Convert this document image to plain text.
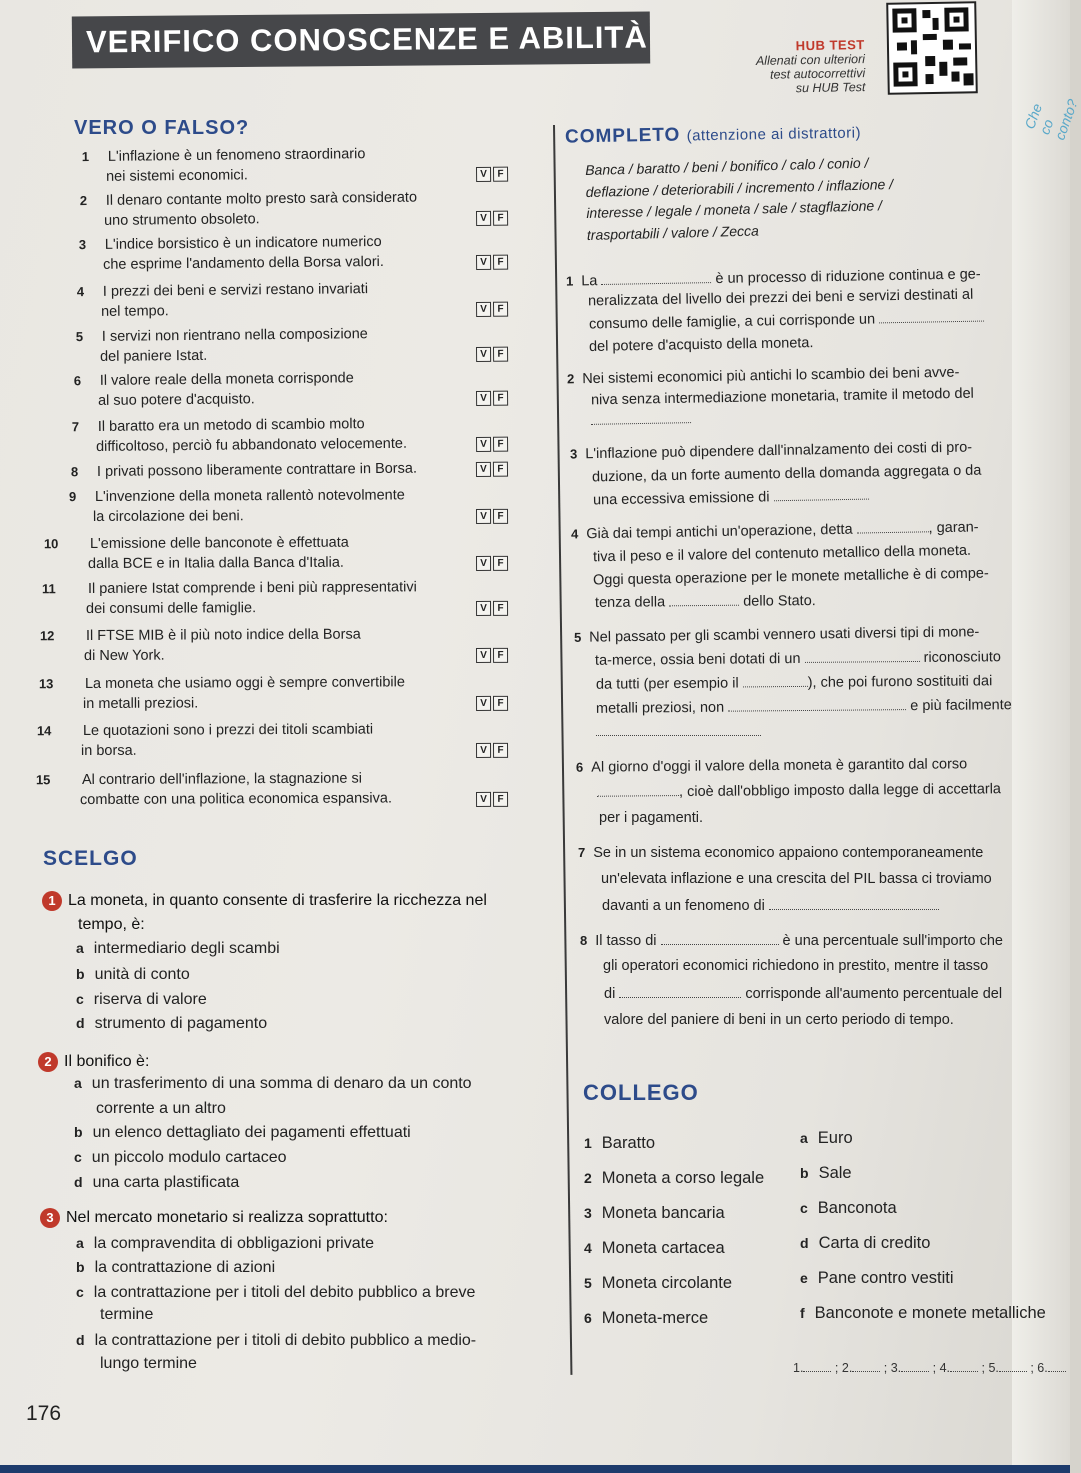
Che co conto?
VERIFICO CONOSCENZE E ABILITÀ	HUB TEST
Allenati con ulteriori
test autocorrettivi
su HUB Test
VERO O FALSO?
1 L'inflazione è un fenomeno straordinario
nei sistemi economici.	V	F
2 Il denaro contante molto presto sarà considerato
uno strumento obsoleto.	V	F
3 L'indice borsistico è un indicatore numerico
che esprime l'andamento della Borsa valori.	V	F
4 I prezzi dei beni e servizi restano invariati
nel tempo.	V	F
5 I servizi non rientrano nella composizione
del paniere Istat.	V	F
6 Il valore reale della moneta corrisponde
al suo potere d'acquisto.	V	F
7 Il baratto era un metodo di scambio molto
difficoltoso, perciò fu abbandonato velocemente.	V	F
8 I privati possono liberamente contrattare in Borsa.	V	F
9 L'invenzione della moneta rallentò notevolmente
la circolazione dei beni.	V	F
10 L'emissione delle banconote è effettuata
dalla BCE e in Italia dalla Banca d'Italia.	V	F
11 Il paniere Istat comprende i beni più rappresentativi
dei consumi delle famiglie.	V	F
12 Il FTSE MIB è il più noto indice della Borsa
di New York.	V	F
13 La moneta che usiamo oggi è sempre convertibile
in metalli preziosi.	V	F
14 Le quotazioni sono i prezzi dei titoli scambiati
in borsa.	V	F
15 Al contrario dell'inflazione, la stagnazione si
combatte con una politica economica espansiva.	V	F
SCELGO
1 La moneta, in quanto consente di trasferire la ricchezza nel
tempo, è:
a intermediario degli scambi
b unità di conto
c riserva di valore
d strumento di pagamento
2 Il bonifico è:
a un trasferimento di una somma di denaro da un conto
corrente a un altro
b un elenco dettagliato dei pagamenti effettuati
c un piccolo modulo cartaceo
d una carta plastificata
3 Nel mercato monetario si realizza soprattutto:
a la compravendita di obbligazioni private
b la contrattazione di azioni
c la contrattazione per i titoli del debito pubblico a breve
termine
d la contrattazione per i titoli di debito pubblico a medio-
lungo termine
COMPLETO (attenzione ai distrattori)
Banca / baratto / beni / bonifico / calo / conio /
deflazione / deteriorabili / incremento / inflazione /
interesse / legale / moneta / sale / stagflazione /
trasportabili / valore / Zecca
1 La	è un processo di riduzione continua e ge-
neralizzata del livello dei prezzi dei beni e servizi destinati al
consumo delle famiglie, a cui corrisponde un
del potere d'acquisto della moneta.
2 Nei sistemi economici più antichi lo scambio dei beni avve-
niva senza intermediazione monetaria, tramite il metodo del
3 L'inflazione può dipendere dall'innalzamento dei costi di pro-
duzione, da un forte aumento della domanda aggregata o da
una eccessiva emissione di
4 Già dai tempi antichi un'operazione, detta	, garan-
tiva il peso e il valore del contenuto metallico della moneta.
Oggi questa operazione per le monete metalliche è di compe-
tenza della	dello Stato.
5 Nel passato per gli scambi vennero usati diversi tipi di mone-
ta-merce, ossia beni dotati di un	riconosciuto
da tutti (per esempio il	), che poi furono sostituiti dai
metalli preziosi, non	e più facilmente
6 Al giorno d'oggi il valore della moneta è garantito dal corso
, cioè dall'obbligo imposto dalla legge di accettarla
per i pagamenti.
7 Se in un sistema economico appaiono contemporaneamente
un'elevata inflazione e una crescita del PIL bassa ci troviamo
davanti a un fenomeno di
8 Il tasso di	è una percentuale sull'importo che
gli operatori economici richiedono in prestito, mentre il tasso
di	corrisponde all'aumento percentuale del
valore del paniere di beni in un certo periodo di tempo.
COLLEGO
1 Baratto
2 Moneta a corso legale
3 Moneta bancaria
4 Moneta cartacea
5 Moneta circolante
6 Moneta-merce
a Euro
b Sale
c Banconota
d Carta di credito
e Pane contro vestiti
f Banconote e monete metalliche
1.	; 2.	; 3.	; 4.	; 5.	; 6.
176
